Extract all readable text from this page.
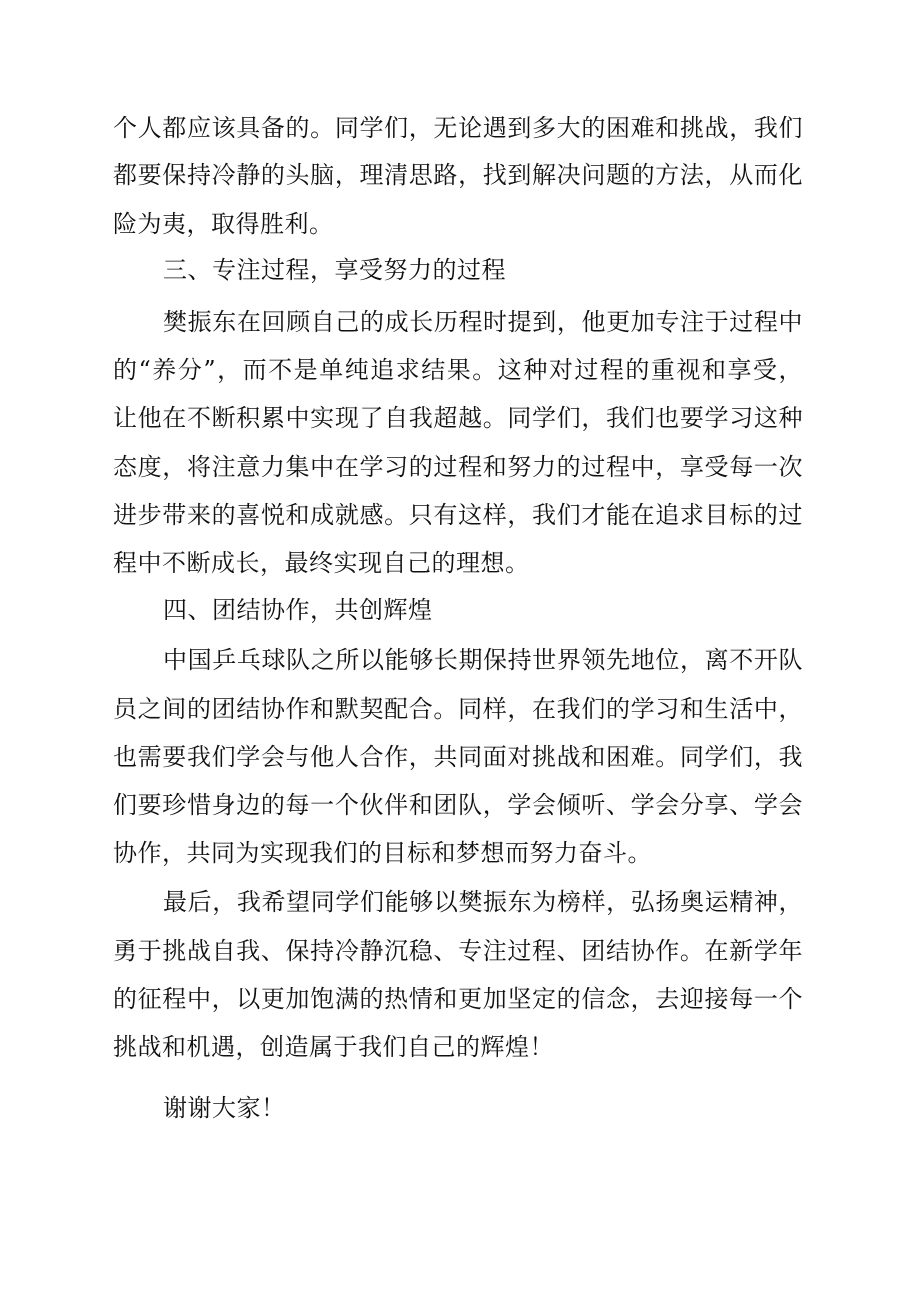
个人都应该具备的。同学们，无论遇到多大的困难和挑战，我们
都要保持冷静的头脑，理清思路，找到解决问题的方法，从而化
险为夷，取得胜利。
三、专注过程，享受努力的过程
樊振东在回顾自己的成长历程时提到，他更加专注于过程中
的“养分”，而不是单纯追求结果。这种对过程的重视和享受，
让他在不断积累中实现了自我超越。同学们，我们也要学习这种
态度，将注意力集中在学习的过程和努力的过程中，享受每一次
进步带来的喜悦和成就感。只有这样，我们才能在追求目标的过
程中不断成长，最终实现自己的理想。
四、团结协作，共创辉煌
中国乒乓球队之所以能够长期保持世界领先地位，离不开队
员之间的团结协作和默契配合。同样，在我们的学习和生活中，
也需要我们学会与他人合作，共同面对挑战和困难。同学们，我
们要珍惜身边的每一个伙伴和团队，学会倾听、学会分享、学会
协作，共同为实现我们的目标和梦想而努力奋斗。
最后，我希望同学们能够以樊振东为榜样，弘扬奥运精神，
勇于挑战自我、保持冷静沉稳、专注过程、团结协作。在新学年
的征程中，以更加饱满的热情和更加坚定的信念，去迎接每一个
挑战和机遇，创造属于我们自己的辉煌！
谢谢大家！
